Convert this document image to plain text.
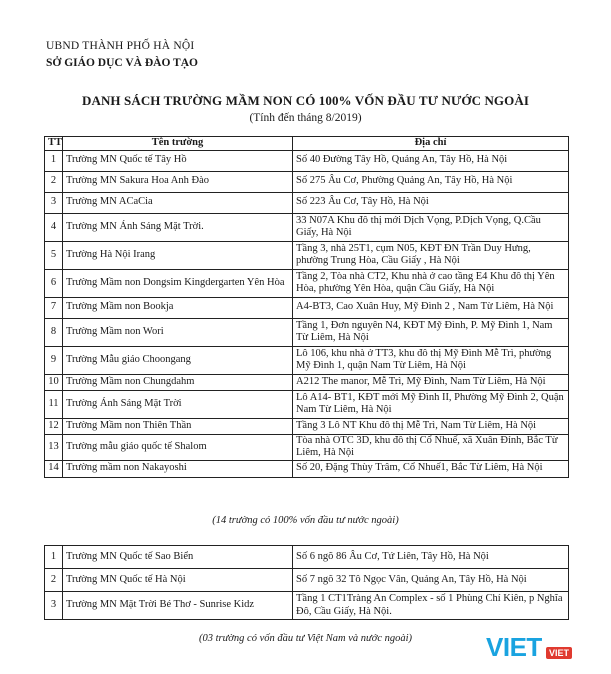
UBND THÀNH PHỐ HÀ NỘI
SỞ GIÁO DỤC VÀ ĐÀO TẠO
DANH SÁCH TRƯỜNG MẦM NON CÓ 100% VỐN ĐẦU TƯ NƯỚC NGOÀI
(Tính đến tháng 8/2019)
TT	Tên trường	Địa chỉ
1	Trường MN Quốc tế Tây Hồ	Số 40 Đường Tây Hồ, Quảng An, Tây Hồ, Hà Nội
2	Trường MN Sakura Hoa Anh Đào	Số 275 Âu Cơ, Phường Quảng An, Tây Hồ, Hà Nội
3	Trường MN ACaCia	Số 223 Âu Cơ, Tây Hồ, Hà Nội
4	Trường MN Ánh Sáng Mặt Trời.	33 N07A Khu đô thị mới Dịch Vọng, P.Dịch Vọng, Q.Cầu Giấy, Hà Nội
5	Trường Hà Nội Irang	Tầng 3, nhà 25T1, cụm N05, KĐT ĐN Trần Duy Hưng, phường Trung Hòa, Cầu Giấy , Hà Nội
6	Trường Mầm non Dongsim Kingdergarten Yên Hòa	Tầng 2, Tòa nhà CT2, Khu nhà ở cao tầng E4 Khu đô thị Yên Hòa, phường Yên Hòa, quận Cầu Giấy, Hà Nội
7	Trường Mầm non Bookja	A4-BT3, Cao Xuân Huy, Mỹ Đình 2 , Nam Từ Liêm, Hà Nội
8	Trường Mầm non Wori	Tầng 1, Đơn nguyên N4, KĐT Mỹ Đình, P. Mỹ Đình 1, Nam Từ Liêm, Hà Nội
9	Trường Mẫu giáo Choongang	Lô 106, khu nhà ở TT3, khu đô thị Mỹ Đình Mễ Trì, phường Mỹ Đình 1, quận Nam Từ Liêm, Hà Nội
10	Trường Mầm non Chungdahm	A212 The manor, Mễ Trì, Mỹ Đình, Nam Từ Liêm, Hà Nội
11	Trường Ánh Sáng Mặt Trời	Lô A14- BT1, KĐT mới Mỹ Đình II, Phường Mỹ Đình 2, Quận Nam Từ Liêm, Hà Nội
12	Trường Mầm non Thiên Thần	Tầng 3 Lô NT Khu đô thị Mễ Trì, Nam Từ Liêm, Hà Nội
13	Trường mẫu giáo quốc tế Shalom	Tòa nhà OTC 3D, khu đô thị Cổ Nhuế, xã Xuân Đỉnh, Bắc Từ Liêm, Hà Nội
14	Trường mầm non Nakayoshi	Số 20, Đặng Thùy Trâm, Cổ Nhuế1, Bắc Từ Liêm, Hà Nội
(14 trường có 100% vốn đầu tư nước ngoài)
1	Trường MN Quốc tế Sao Biển	Số 6 ngõ 86 Âu Cơ, Tứ Liên, Tây Hồ, Hà Nội
2	Trường MN Quốc tế Hà Nội	Số 7 ngõ 32 Tô Ngọc Vân, Quảng An, Tây Hồ, Hà Nội
3	Trường MN Mặt Trời Bé Thơ - Sunrise Kidz	Tầng 1 CT1Tràng An Complex - số 1 Phùng Chí Kiên, p Nghĩa Đô, Cầu Giấy, Hà Nội.
(03 trường có vốn đầu tư Việt Nam và nước ngoài)	VIET VIET
